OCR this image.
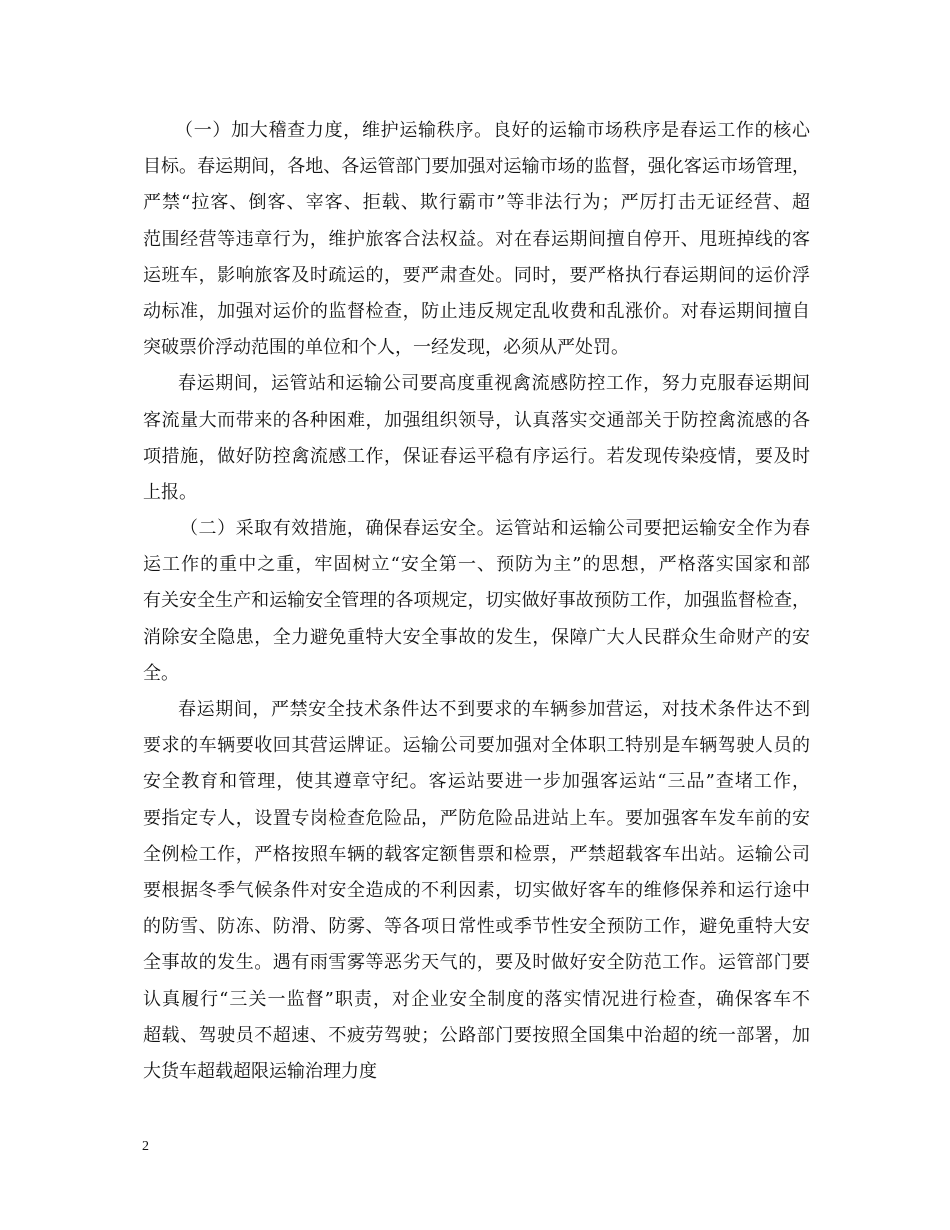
（一）加大稽查力度，维护运输秩序。良好的运输市场秩序是春运工作的核心
目标。春运期间，各地、各运管部门要加强对运输市场的监督，强化客运市场管理，
严禁“拉客、倒客、宰客、拒载、欺行霸市”等非法行为；严厉打击无证经营、超
范围经营等违章行为，维护旅客合法权益。对在春运期间擅自停开、甩班掉线的客
运班车，影响旅客及时疏运的，要严肃查处。同时，要严格执行春运期间的运价浮
动标准，加强对运价的监督检查，防止违反规定乱收费和乱涨价。对春运期间擅自
突破票价浮动范围的单位和个人，一经发现，必须从严处罚。
春运期间，运管站和运输公司要高度重视禽流感防控工作，努力克服春运期间
客流量大而带来的各种困难，加强组织领导，认真落实交通部关于防控禽流感的各
项措施，做好防控禽流感工作，保证春运平稳有序运行。若发现传染疫情，要及时
上报。
（二）采取有效措施，确保春运安全。运管站和运输公司要把运输安全作为春
运工作的重中之重，牢固树立“安全第一、预防为主”的思想，严格落实国家和部
有关安全生产和运输安全管理的各项规定，切实做好事故预防工作，加强监督检查，
消除安全隐患，全力避免重特大安全事故的发生，保障广大人民群众生命财产的安
全。
春运期间，严禁安全技术条件达不到要求的车辆参加营运，对技术条件达不到
要求的车辆要收回其营运牌证。运输公司要加强对全体职工特别是车辆驾驶人员的
安全教育和管理，使其遵章守纪。客运站要进一步加强客运站“三品”查堵工作，
要指定专人，设置专岗检查危险品，严防危险品进站上车。要加强客车发车前的安
全例检工作，严格按照车辆的载客定额售票和检票，严禁超载客车出站。运输公司
要根据冬季气候条件对安全造成的不利因素，切实做好客车的维修保养和运行途中
的防雪、防冻、防滑、防雾、等各项日常性或季节性安全预防工作，避免重特大安
全事故的发生。遇有雨雪雾等恶劣天气的，要及时做好安全防范工作。运管部门要
认真履行“三关一监督”职责，对企业安全制度的落实情况进行检查，确保客车不
超载、驾驶员不超速、不疲劳驾驶；公路部门要按照全国集中治超的统一部署，加
大货车超载超限运输治理力度
2
